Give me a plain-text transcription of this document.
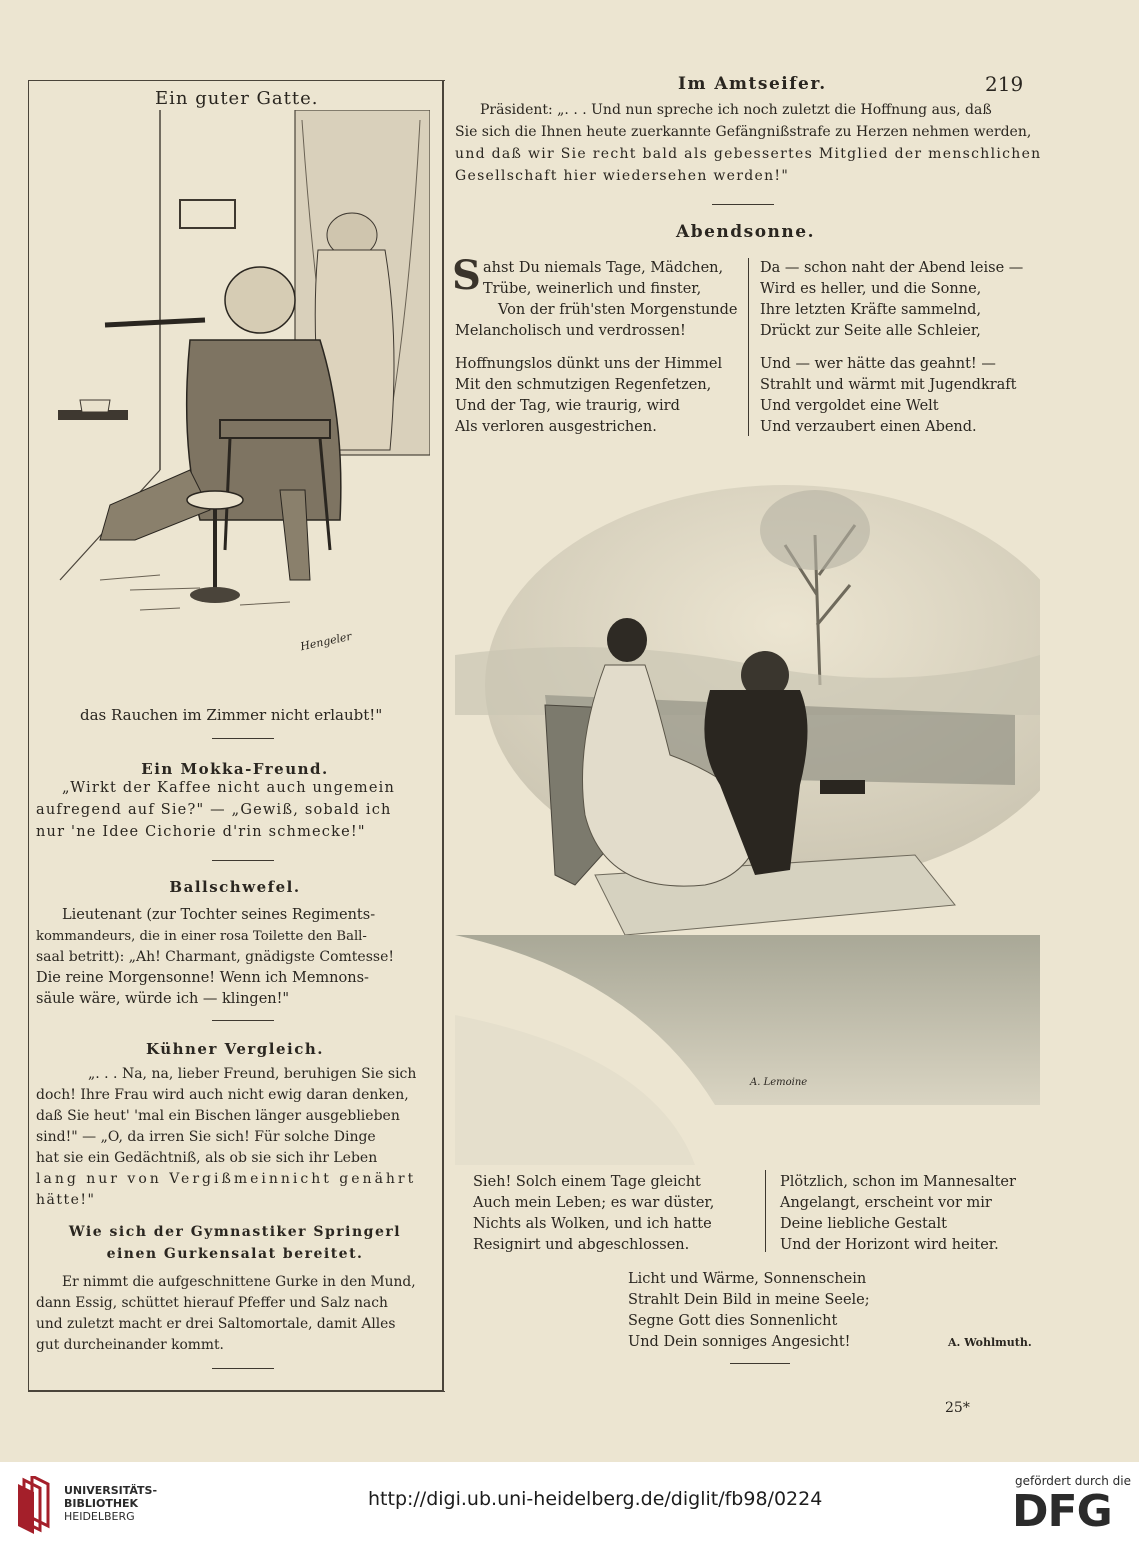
Ein guter Gatte.

Im Amtseifer.	219

Hengeler

das Rauchen im Zimmer nicht erlaubt!"

Ein Mokka-Freund.

„Wirkt der Kaffee nicht auch ungemein

aufregend auf Sie?" — „Gewiß, sobald ich

nur 'ne Idee Cichorie d'rin schmecke!"

Ballschwefel.

Lieutenant (zur Tochter seines Regiments-

kommandeurs, die in einer rosa Toilette den Ball-

saal betritt): „Ah! Charmant, gnädigste Comtesse!

Die reine Morgensonne! Wenn ich Memnons-

säule wäre, würde ich — klingen!"

Kühner Vergleich.

„. . . Na, na, lieber Freund, beruhigen Sie sich

doch! Ihre Frau wird auch nicht ewig daran denken,

daß Sie heut' 'mal ein Bischen länger ausgeblieben

sind!" — „O, da irren Sie sich! Für solche Dinge

hat sie ein Gedächtniß, als ob sie sich ihr Leben

lang nur von Vergißmeinnicht genährt

hätte!"

Wie sich der Gymnastiker Springerl

einen Gurkensalat bereitet.

Er nimmt die aufgeschnittene Gurke in den Mund,

dann Essig, schüttet hierauf Pfeffer und Salz nach

und zuletzt macht er drei Saltomortale, damit Alles

gut durcheinander kommt.

Präsident: „. . . Und nun spreche ich noch zuletzt die Hoffnung aus, daß

Sie sich die Ihnen heute zuerkannte Gefängnißstrafe zu Herzen nehmen werden,

und daß wir Sie recht bald als gebessertes Mitglied der menschlichen

Gesellschaft hier wiedersehen werden!"

Abendsonne.

S ahst Du niemals Tage, Mädchen,

Trübe, weinerlich und finster,

Von der früh'sten Morgenstunde

Melancholisch und verdrossen!

Hoffnungslos dünkt uns der Himmel

Mit den schmutzigen Regenfetzen,

Und der Tag, wie traurig, wird

Als verloren ausgestrichen.

Da — schon naht der Abend leise —

Wird es heller, und die Sonne,

Ihre letzten Kräfte sammelnd,

Drückt zur Seite alle Schleier,

Und — wer hätte das geahnt! —

Strahlt und wärmt mit Jugendkraft

Und vergoldet eine Welt

Und verzaubert einen Abend.

A. Lemoine

Sieh! Solch einem Tage gleicht

Auch mein Leben; es war düster,

Nichts als Wolken, und ich hatte

Resignirt und abgeschlossen.

Plötzlich, schon im Mannesalter

Angelangt, erscheint vor mir

Deine liebliche Gestalt

Und der Horizont wird heiter.

Licht und Wärme, Sonnenschein

Strahlt Dein Bild in meine Seele;

Segne Gott dies Sonnenlicht

Und Dein sonniges Angesicht!	A. Wohlmuth.

25*

UNIVERSITÄTS-

BIBLIOTHEK

HEIDELBERG

http://digi.ub.uni-heidelberg.de/diglit/fb98/0224

gefördert durch die

DFG
